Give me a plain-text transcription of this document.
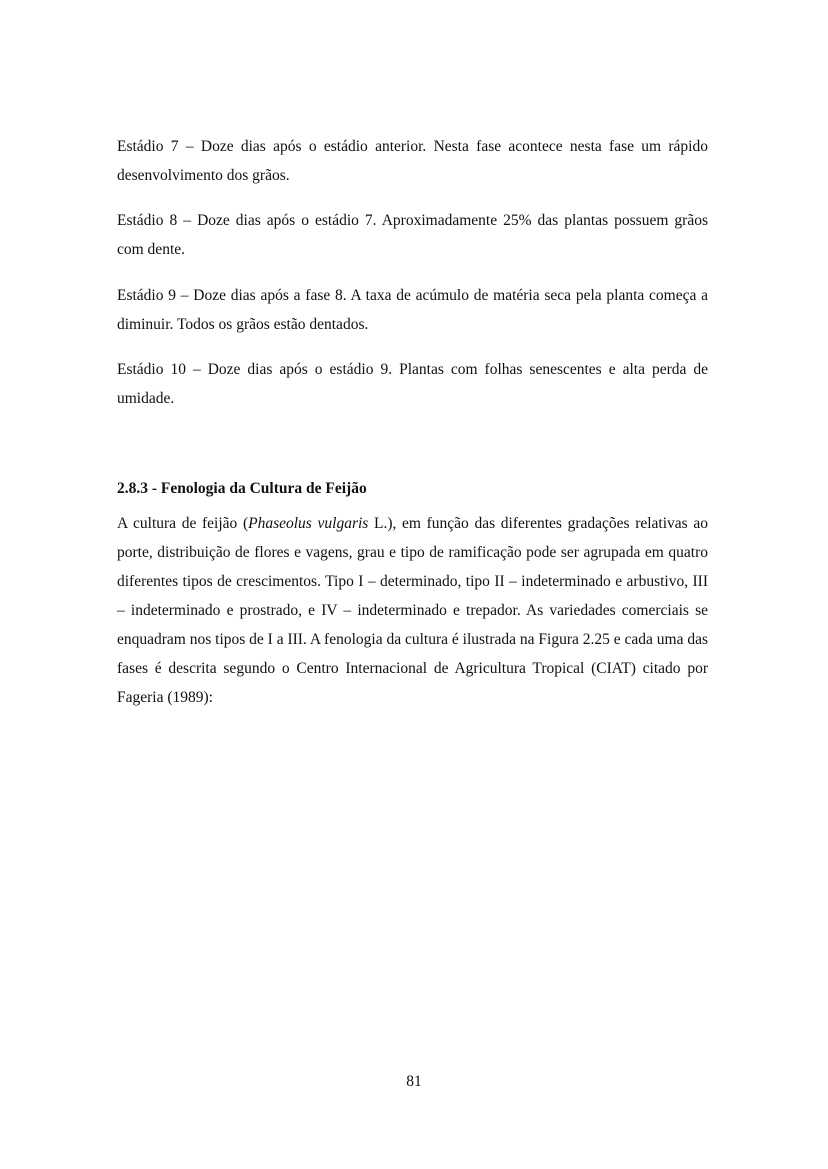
Estádio 7 – Doze dias após o estádio anterior. Nesta fase acontece nesta fase um rápido desenvolvimento dos grãos.

Estádio 8 – Doze dias após o estádio 7. Aproximadamente 25% das plantas possuem grãos com dente.

Estádio 9 – Doze dias após a fase 8. A taxa de acúmulo de matéria seca pela planta começa a diminuir. Todos os grãos estão dentados.

Estádio 10 – Doze dias após o estádio 9. Plantas com folhas senescentes e alta perda de umidade.

2.8.3 - Fenologia da Cultura de Feijão

A cultura de feijão (Phaseolus vulgaris L.), em função das diferentes gradações relativas ao porte, distribuição de flores e vagens, grau e tipo de ramificação pode ser agrupada em quatro diferentes tipos de crescimentos. Tipo I – determinado, tipo II – indeterminado e arbustivo, III – indeterminado e prostrado, e IV – indeterminado e trepador. As variedades comerciais se enquadram nos tipos de I a III. A fenologia da cultura é ilustrada na Figura 2.25 e cada uma das fases é descrita segundo o Centro Internacional de Agricultura Tropical (CIAT) citado por Fageria (1989):

81
